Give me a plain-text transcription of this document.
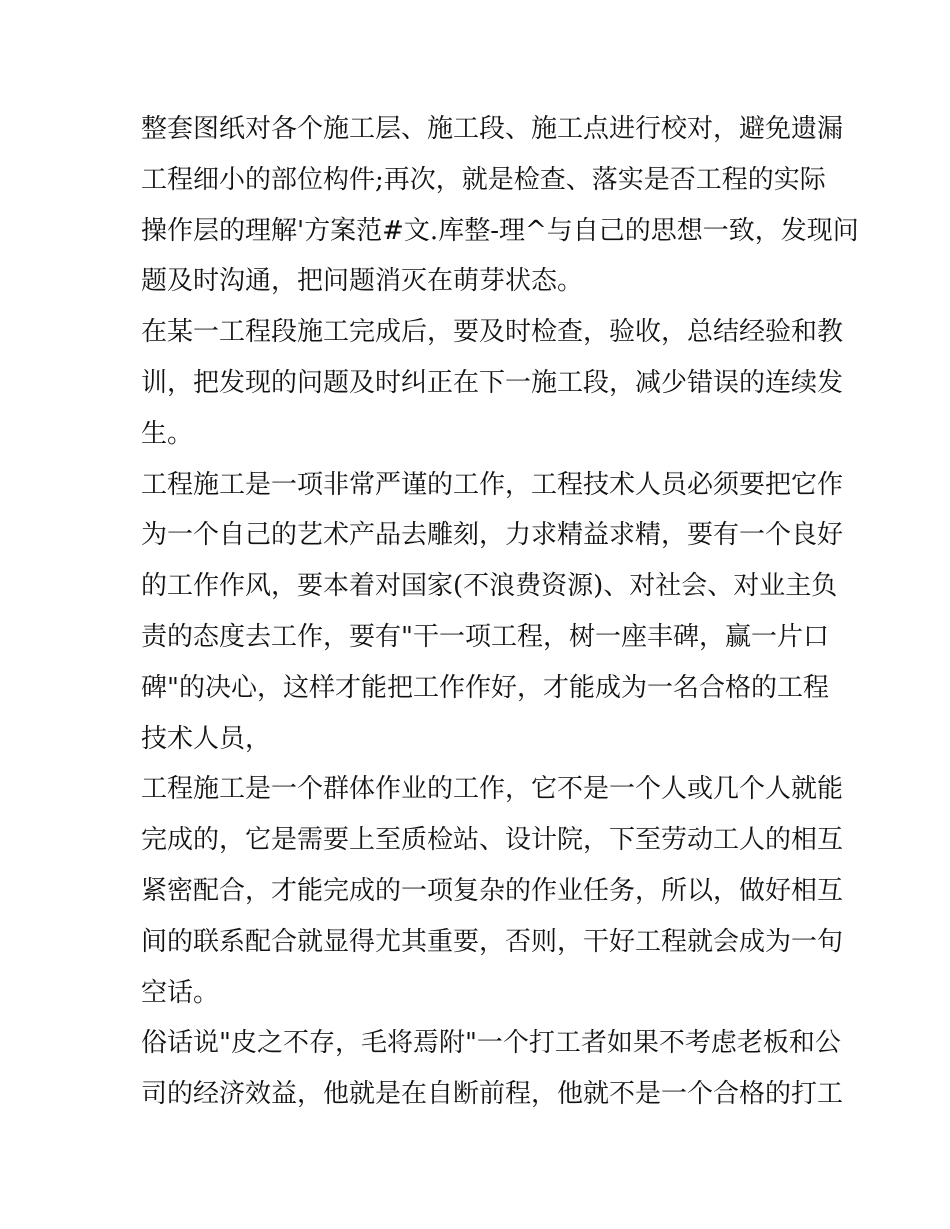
整套图纸对各个施工层、施工段、施工点进行校对，避免遗漏
工程细小的部位构件;再次，就是检查、落实是否工程的实际
操作层的理解'方案范#文.库整-理^与自己的思想一致，发现问
题及时沟通，把问题消灭在萌芽状态。
在某一工程段施工完成后，要及时检查，验收，总结经验和教
训，把发现的问题及时纠正在下一施工段，减少错误的连续发
生。
工程施工是一项非常严谨的工作，工程技术人员必须要把它作
为一个自己的艺术产品去雕刻，力求精益求精，要有一个良好
的工作作风，要本着对国家(不浪费资源)、对社会、对业主负
责的态度去工作，要有"干一项工程，树一座丰碑，赢一片口
碑"的决心，这样才能把工作作好，才能成为一名合格的工程
技术人员，
工程施工是一个群体作业的工作，它不是一个人或几个人就能
完成的，它是需要上至质检站、设计院，下至劳动工人的相互
紧密配合，才能完成的一项复杂的作业任务，所以，做好相互
间的联系配合就显得尤其重要，否则，干好工程就会成为一句
空话。
俗话说"皮之不存，毛将焉附"一个打工者如果不考虑老板和公
司的经济效益，他就是在自断前程，他就不是一个合格的打工
